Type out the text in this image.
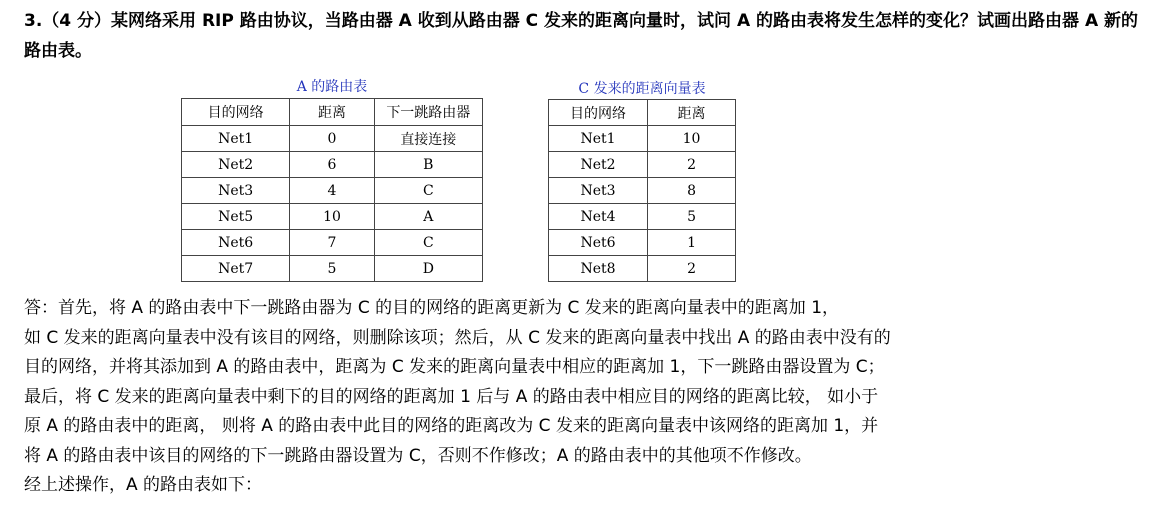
3.（4 分）某网络采用 RIP 路由协议，当路由器 A 收到从路由器 C 发来的距离向量时，试问 A 的路由表将发生怎样的变化？试画出路由器 A 新的路由表。
A 的路由表
目的网络	距离	下一跳路由器
Net1	0	直接连接
Net2	6	B
Net3	4	C
Net5	10	A
Net6	7	C
Net7	5	D
C 发来的距离向量表
目的网络	距离
Net1	10
Net2	2
Net3	8
Net4	5
Net6	1
Net8	2

答：首先，将 A 的路由表中下一跳路由器为 C 的目的网络的距离更新为 C 发来的距离向量表中的距离加 1，

如 C 发来的距离向量表中没有该目的网络，则删除该项；然后，从 C 发来的距离向量表中找出 A 的路由表中没有的

目的网络，并将其添加到 A 的路由表中，距离为 C 发来的距离向量表中相应的距离加 1，下一跳路由器设置为 C；

最后，将 C 发来的距离向量表中剩下的目的网络的距离加 1 后与 A 的路由表中相应目的网络的距离比较， 如小于

原 A 的路由表中的距离， 则将 A 的路由表中此目的网络的距离改为 C 发来的距离向量表中该网络的距离加 1，并

将 A 的路由表中该目的网络的下一跳路由器设置为 C，否则不作修改；A 的路由表中的其他项不作修改。

经上述操作，A 的路由表如下：
